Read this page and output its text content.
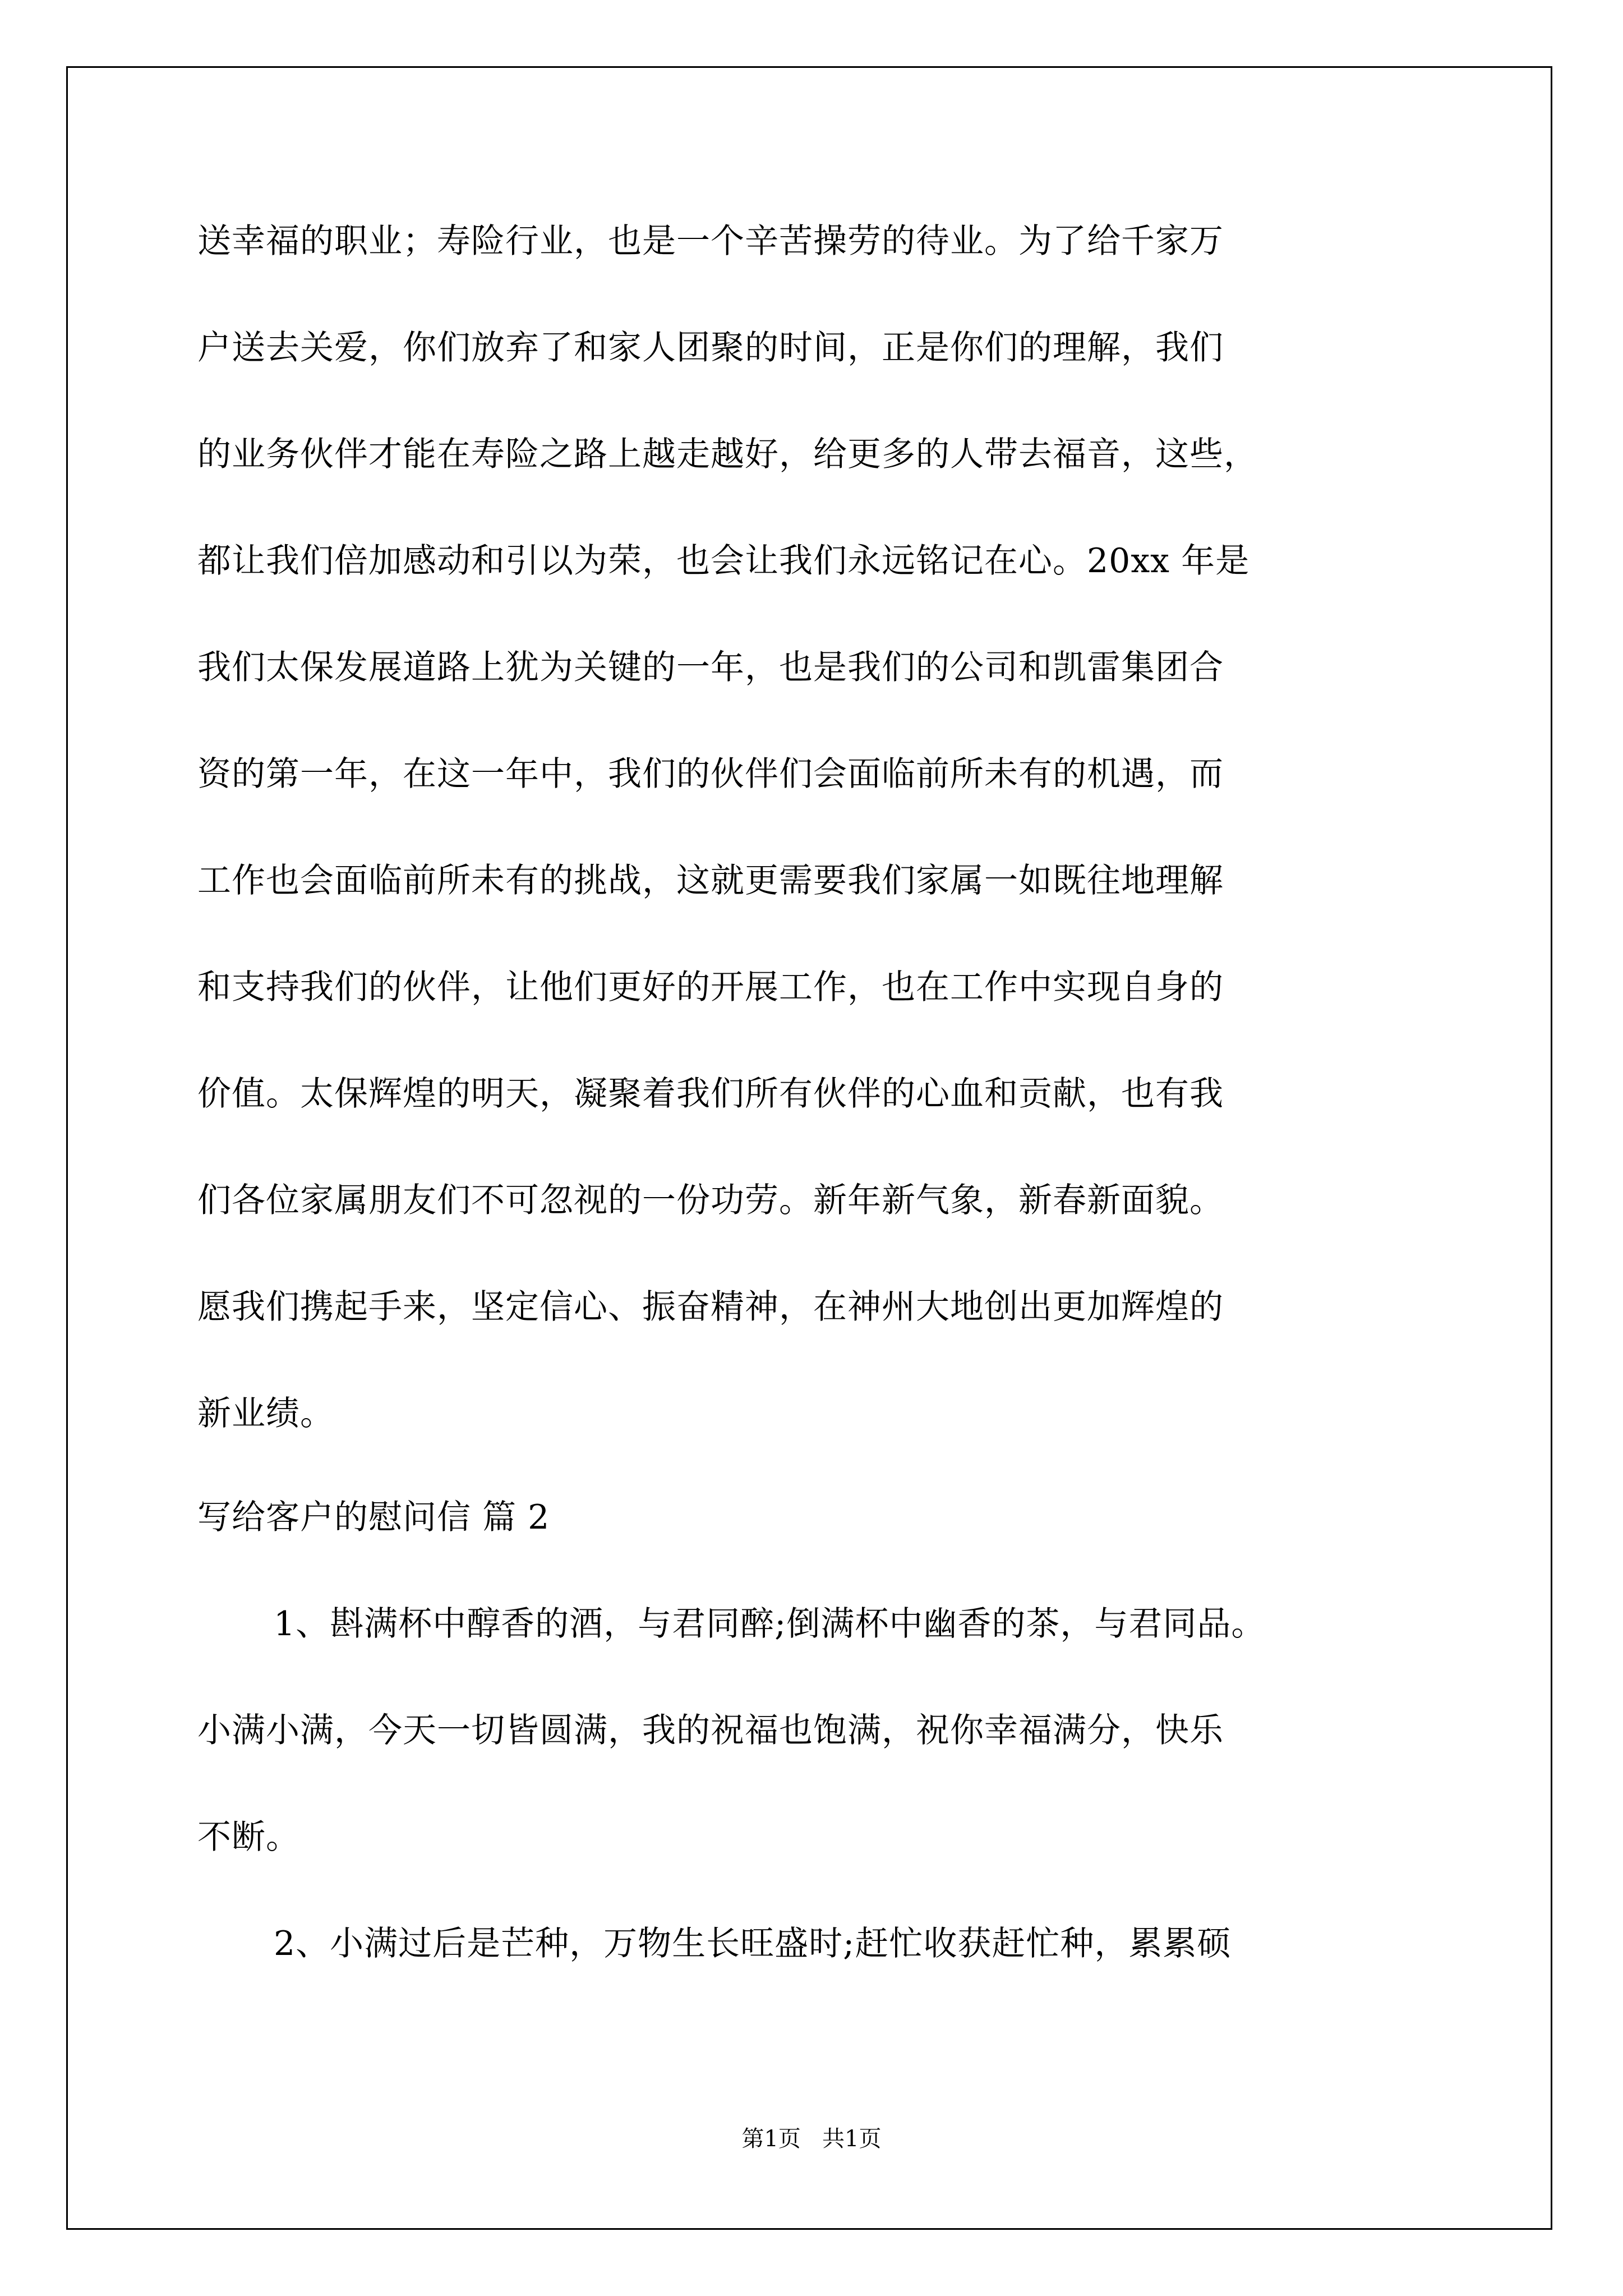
送幸福的职业；寿险行业，也是一个辛苦操劳的待业。为了给千家万
户送去关爱，你们放弃了和家人团聚的时间，正是你们的理解，我们
的业务伙伴才能在寿险之路上越走越好，给更多的人带去福音，这些，
都让我们倍加感动和引以为荣，也会让我们永远铭记在心。20xx 年是
我们太保发展道路上犹为关键的一年，也是我们的公司和凯雷集团合
资的第一年，在这一年中，我们的伙伴们会面临前所未有的机遇，而
工作也会面临前所未有的挑战，这就更需要我们家属一如既往地理解
和支持我们的伙伴，让他们更好的开展工作，也在工作中实现自身的
价值。太保辉煌的明天，凝聚着我们所有伙伴的心血和贡献，也有我
们各位家属朋友们不可忽视的一份功劳。新年新气象，新春新面貌。
愿我们携起手来，坚定信心、振奋精神，在神州大地创出更加辉煌的
新业绩。
写给客户的慰问信 篇 2
1、斟满杯中醇香的酒，与君同醉;倒满杯中幽香的茶，与君同品。
小满小满，今天一切皆圆满，我的祝福也饱满，祝你幸福满分，快乐
不断。
2、小满过后是芒种，万物生长旺盛时;赶忙收获赶忙种，累累硕
第1页   共1页
